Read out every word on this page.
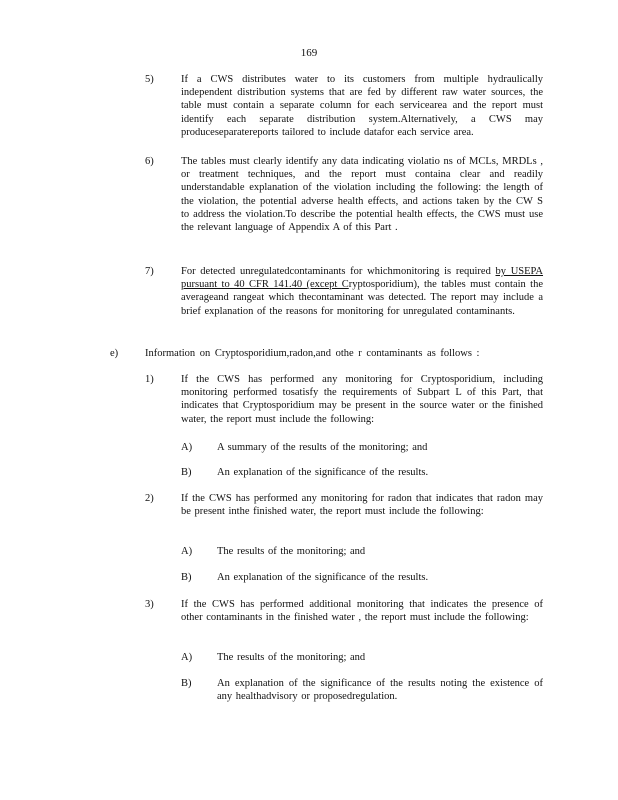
169
5)	If a CWS distributes water to its customers from multiple hydraulically independent distribution systems that are fed by different raw water sources, the table must contain a separate column for each servicearea and the report must identify each separate distribution system.Alternatively, a CWS may produceseparatereports tailored to include datafor each service area.
6)	The tables must clearly identify any data indicating violatio ns of MCLs, MRDLs , or treatment techniques, and the report must containa clear and readily understandable explanation of the violation including the following: the length of the violation, the potential adverse health effects, and actions taken by the CW S to address the violation.To describe the potential health effects, the CWS must use the relevant language of Appendix A of this Part .
7)	For detected unregulatedcontaminants for whichmonitoring is required by USEPA pursuant to 40 CFR 141.40 (except Cryptosporidium), the tables must contain the averageand rangeat which thecontaminant was detected. The report may include a brief explanation of the reasons for monitoring for unregulated contaminants.
e)	Information on Cryptosporidium,radon,and othe r contaminants as follows :
1)	If the CWS has performed any monitoring for Cryptosporidium, including monitoring performed tosatisfy the requirements of Subpart L of this Part, that indicates that Cryptosporidium may be present in the source water or the finished water, the report must include the following:
A) A summary of the results of the monitoring; and
B) An explanation of the significance of the results.
2)	If the CWS has performed any monitoring for radon that indicates that radon may be present inthe finished water, the report must include the following:
A) The results of the monitoring; and
B) An explanation of the significance of the results.
3)	If the CWS has performed additional monitoring that indicates the presence of other contaminants in the finished water , the report must include the following:
A) The results of the monitoring; and
B) An explanation of the significance of the results noting the existence of any healthadvisory or proposedregulation.
